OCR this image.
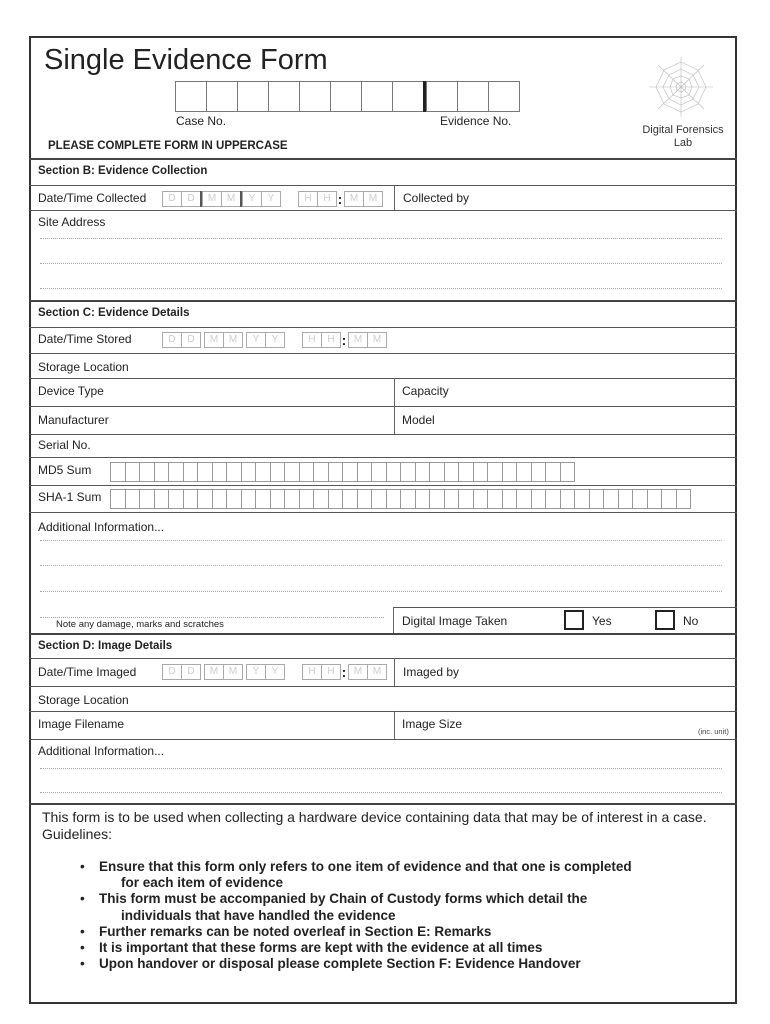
Single Evidence Form
Case No.	Evidence No.
PLEASE COMPLETE FORM IN UPPERCASE
Digital Forensics
Lab
Section B: Evidence Collection
Date/Time Collected	D	D	M	M	Y	Y	H	H : M	M	Collected by
Site Address
Section C: Evidence Details
Date/Time Stored	D	D	M	M	Y	Y	H	H : M	M
Storage Location
Device Type	Capacity
Manufacturer	Model
Serial No.
MD5 Sum
SHA-1 Sum
Additional Information...
Note any damage, marks and scratches	Digital Image Taken	Yes	No
Section D: Image Details
Date/Time Imaged	D	D	M	M	Y	Y	H	H : M	M	Imaged by
Storage Location
Image Filename	Image Size
(inc. unit)
Additional Information...
This form is to be used when collecting a hardware device containing data that may be of interest in a case. Guidelines:
• Ensure that this form only refers to one item of evidence and that one is completed
for each item of evidence
• This form must be accompanied by Chain of Custody forms which detail the
individuals that have handled the evidence
• Further remarks can be noted overleaf in Section E: Remarks
• It is important that these forms are kept with the evidence at all times
• Upon handover or disposal please complete Section F: Evidence Handover
